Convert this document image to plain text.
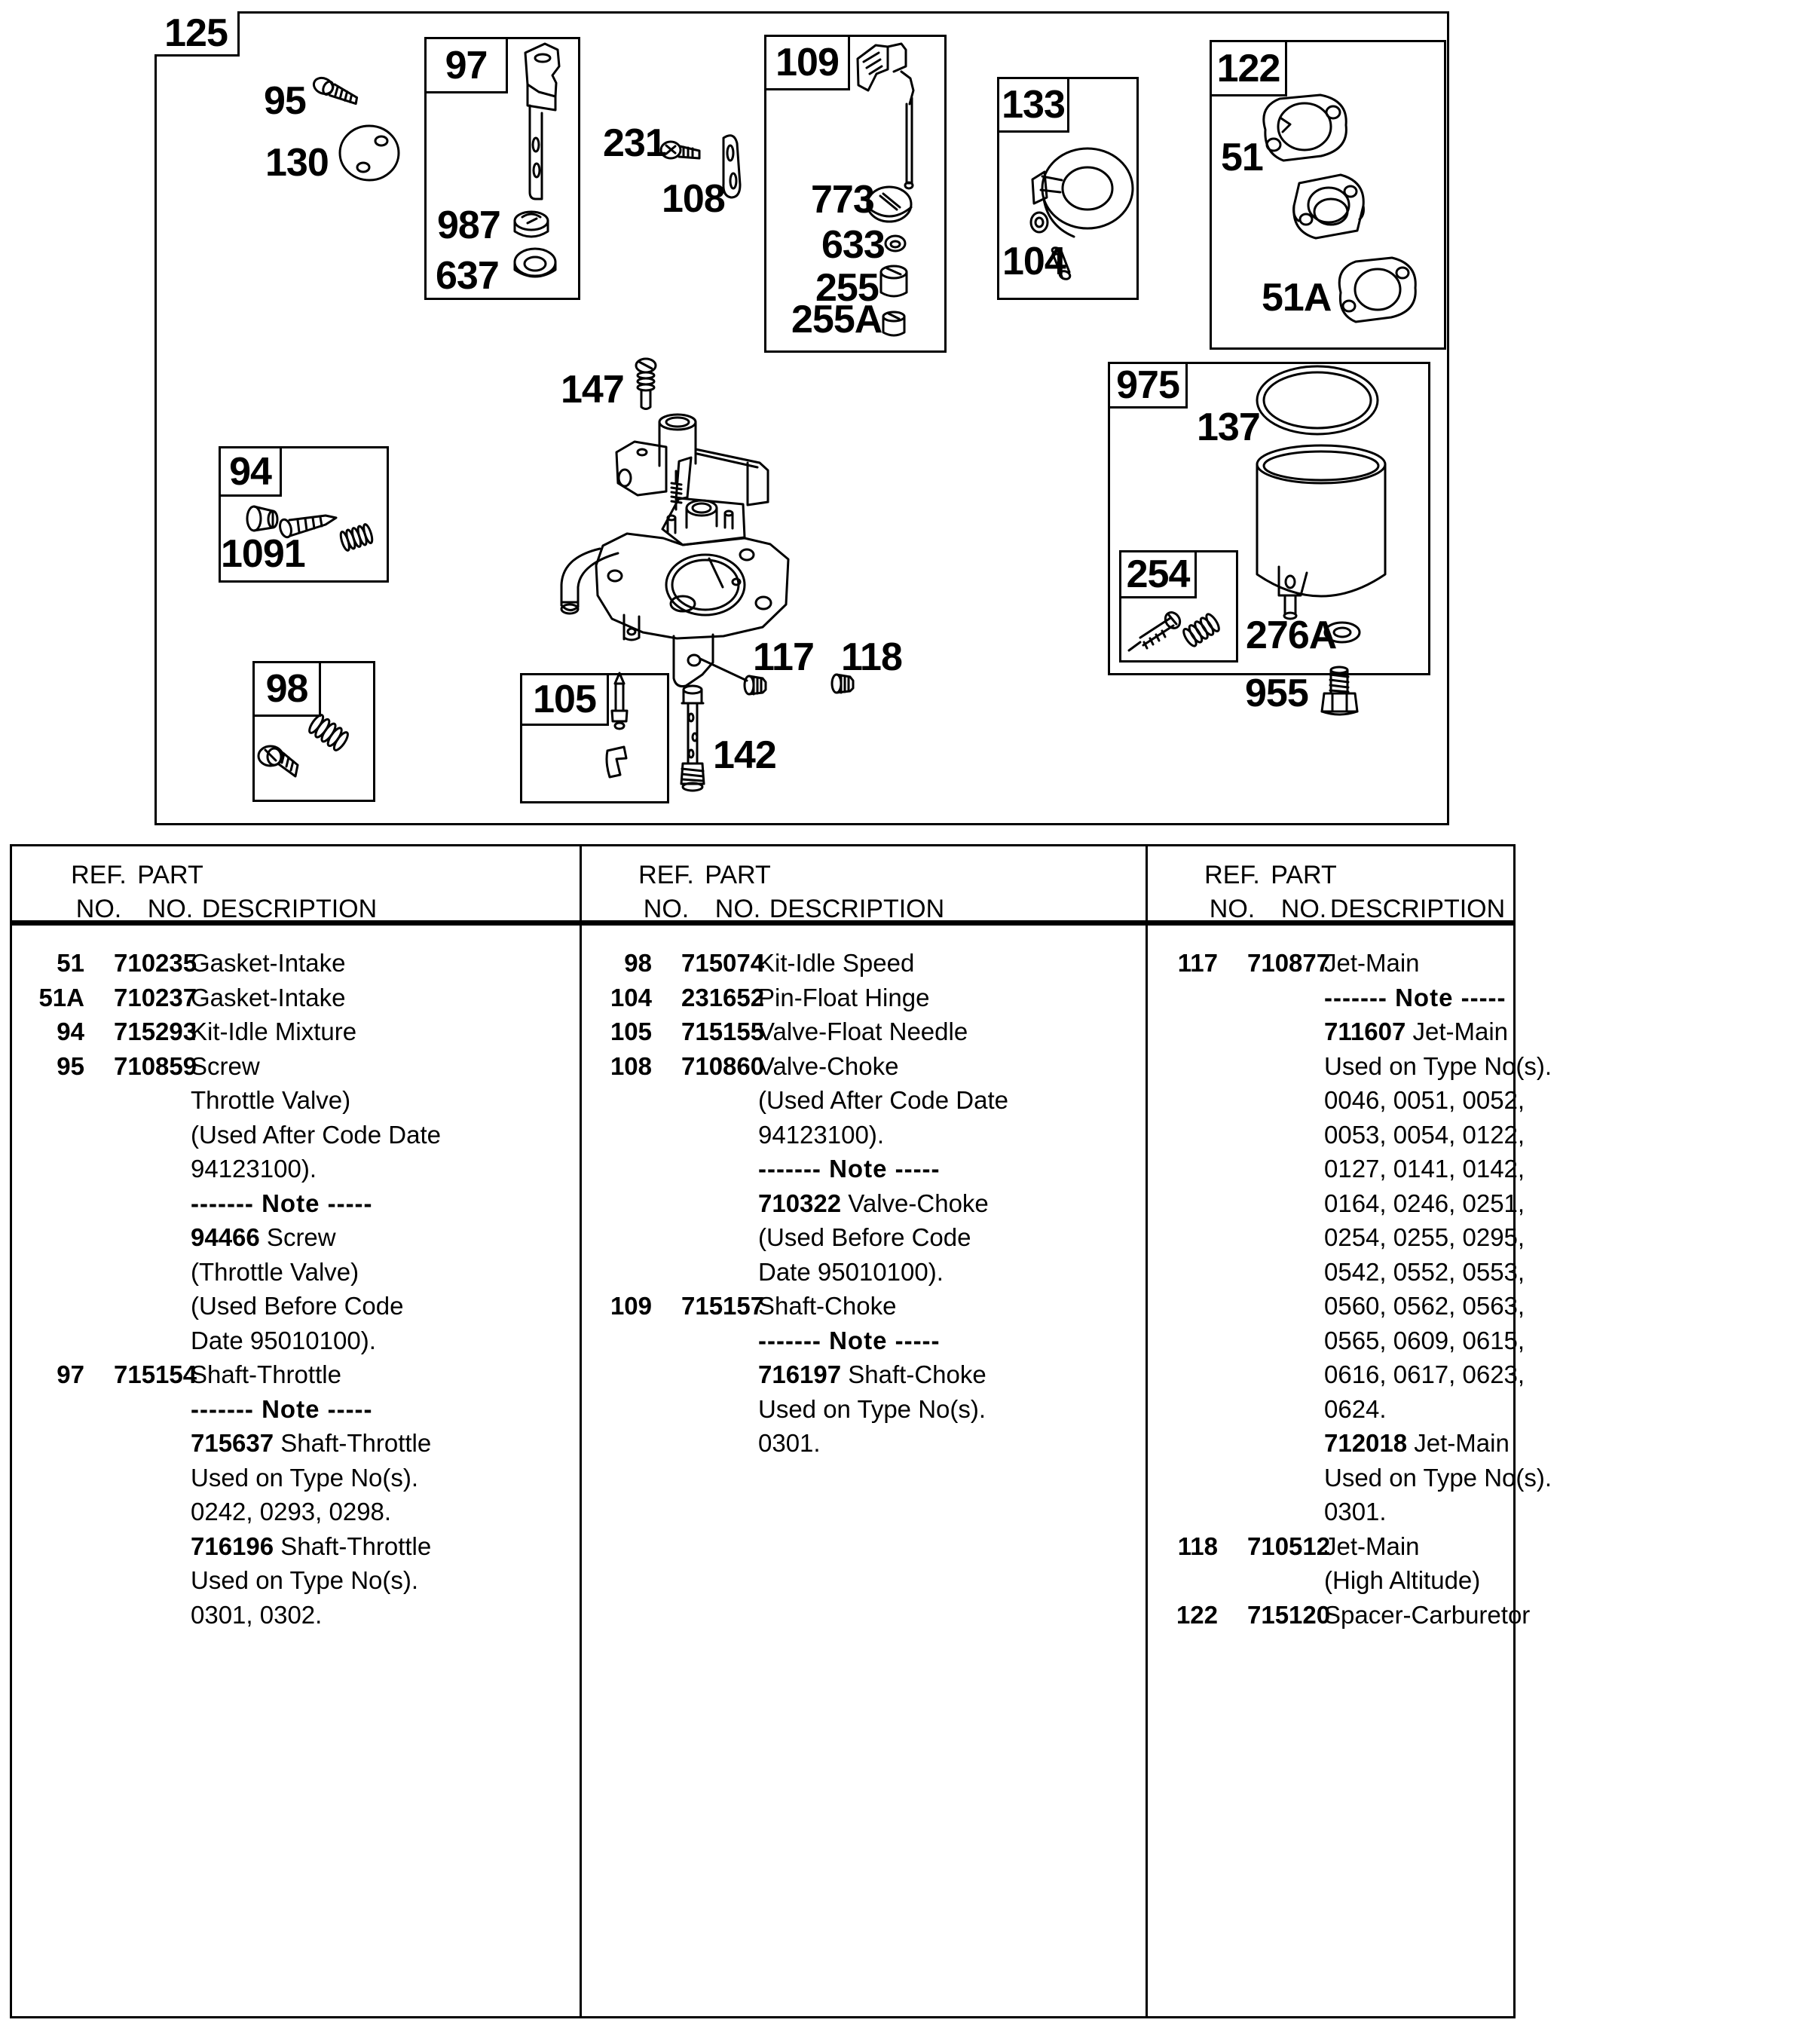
125
97	109
133
122
975
254
94
98	105
95
130
987
637
231
108 773
633
255
255A
104
51
51A
137
147
1091
117 118
142
276A
955
REF.
NO.
PART
NO. DESCRIPTION
REF.
NO.
PART
NO. DESCRIPTION
REF.
NO.
PART
NO. DESCRIPTION
51 710235
Gasket-Intake
51A 710237
Gasket-Intake
94 715293
Kit-Idle Mixture
95 710859
Screw
Throttle Valve)
(Used After Code Date
94123100).
------- Note -----
94466 Screw
(Throttle Valve)
(Used Before Code
Date 95010100).
97 715154
Shaft-Throttle
------- Note -----
715637 Shaft-Throttle
Used on Type No(s).
0242, 0293, 0298.
716196 Shaft-Throttle
Used on Type No(s).
0301, 0302.
98 715074
Kit-Idle Speed
104 231652
Pin-Float Hinge
105 715155
Valve-Float Needle
108 710860
Valve-Choke
(Used After Code Date
94123100).
------- Note -----
710322 Valve-Choke
(Used Before Code
Date 95010100).
109 715157
Shaft-Choke
------- Note -----
716197 Shaft-Choke
Used on Type No(s).
0301.
117 710877
Jet-Main
------- Note -----
711607 Jet-Main
Used on Type No(s).
0046, 0051, 0052,
0053, 0054, 0122,
0127, 0141, 0142,
0164, 0246, 0251,
0254, 0255, 0295,
0542, 0552, 0553,
0560, 0562, 0563,
0565, 0609, 0615,
0616, 0617, 0623,
0624.
712018 Jet-Main
Used on Type No(s).
0301.
118 710512
Jet-Main
(High Altitude)
122 715120
Spacer-Carburetor
